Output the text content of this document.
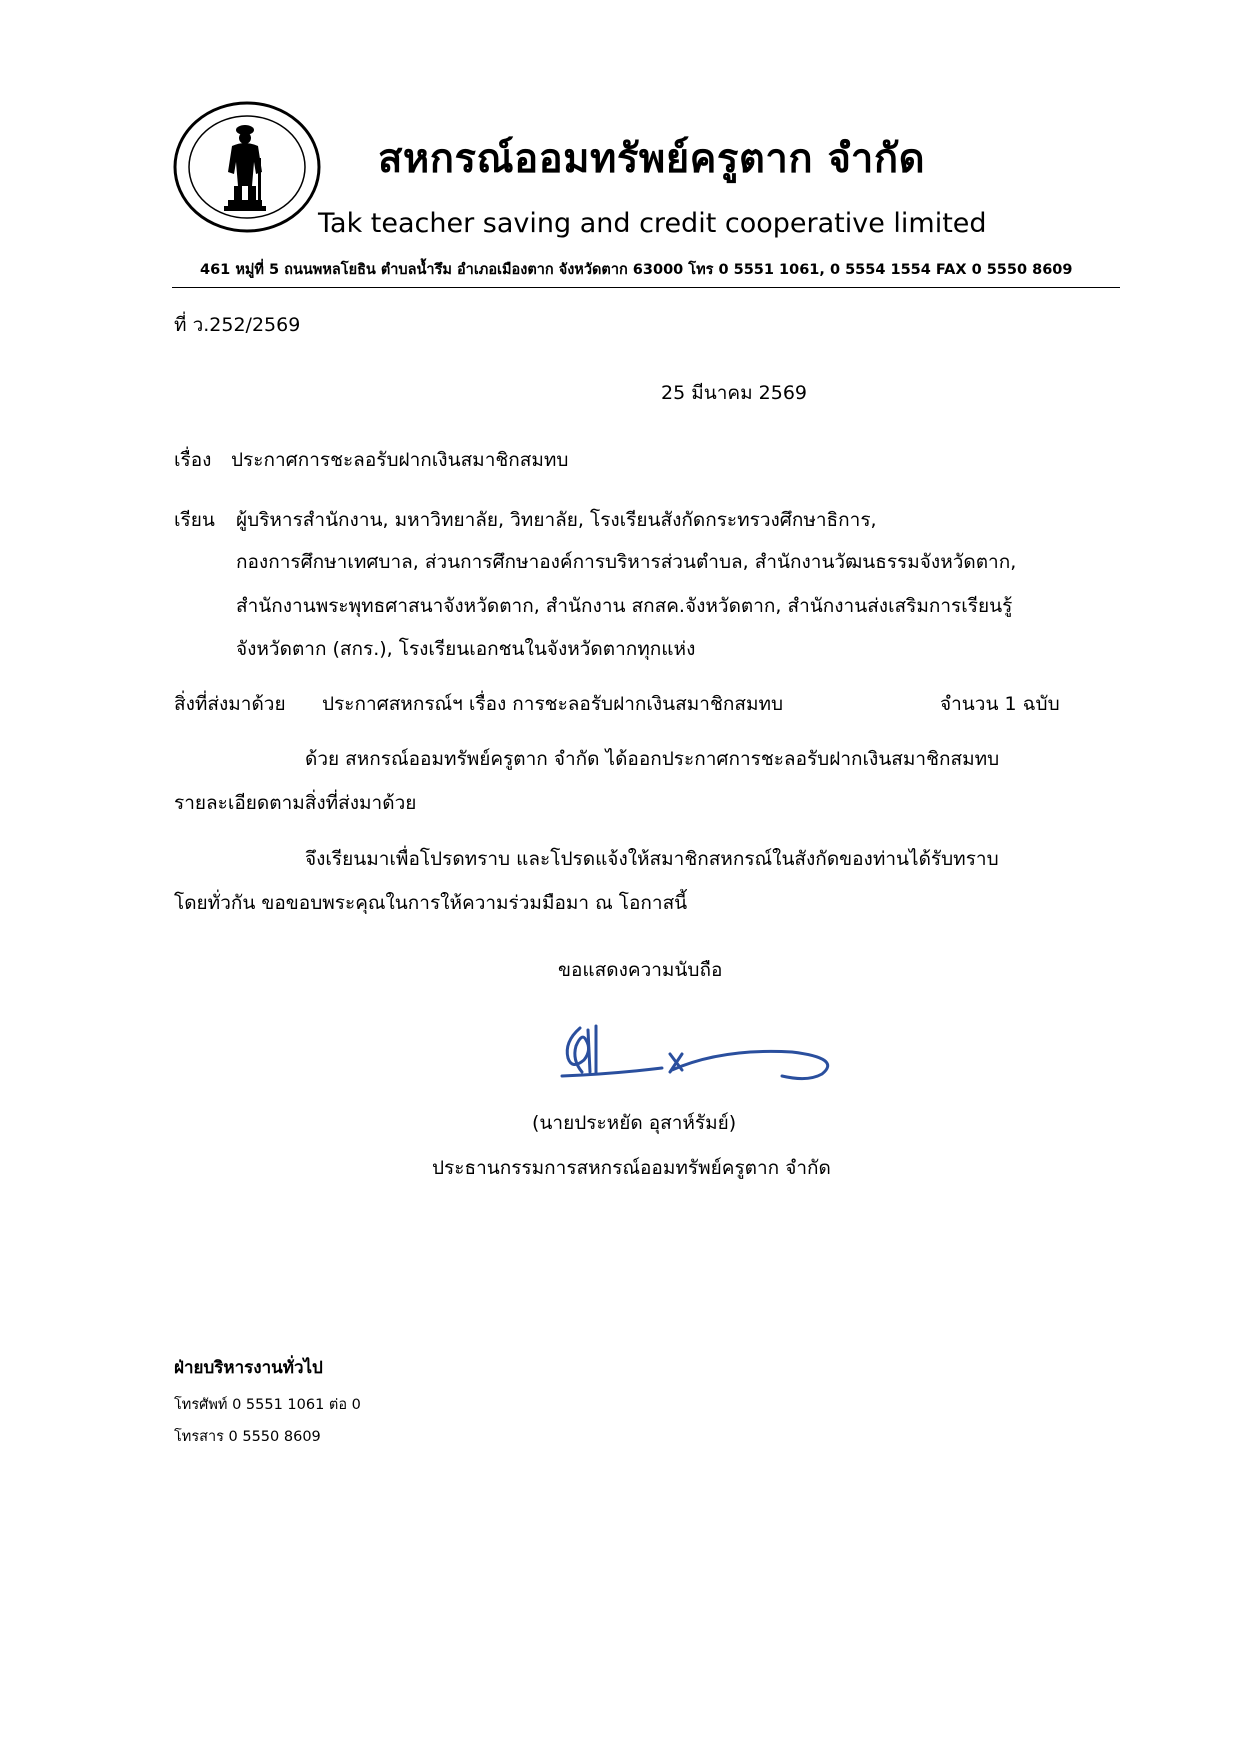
สหกรณ์ออมทรัพย์ครูตาก จำกัด
Tak teacher saving and credit cooperative limited
461 หมู่ที่ 5 ถนนพหลโยธิน ตำบลน้ำรึม อำเภอเมืองตาก จังหวัดตาก 63000 โทร 0 5551 1061, 0 5554 1554 FAX 0 5550 8609
ที่ ว.252/2569
25 มีนาคม 2569
เรื่อง ประกาศการชะลอรับฝากเงินสมาชิกสมทบ
เรียน ผู้บริหารสำนักงาน, มหาวิทยาลัย, วิทยาลัย, โรงเรียนสังกัดกระทรวงศึกษาธิการ,
กองการศึกษาเทศบาล, ส่วนการศึกษาองค์การบริหารส่วนตำบล, สำนักงานวัฒนธรรมจังหวัดตาก,
สำนักงานพระพุทธศาสนาจังหวัดตาก, สำนักงาน สกสค.จังหวัดตาก, สำนักงานส่งเสริมการเรียนรู้
จังหวัดตาก (สกร.), โรงเรียนเอกชนในจังหวัดตากทุกแห่ง
สิ่งที่ส่งมาด้วย ประกาศสหกรณ์ฯ เรื่อง การชะลอรับฝากเงินสมาชิกสมทบ	จำนวน 1 ฉบับ
ด้วย สหกรณ์ออมทรัพย์ครูตาก จำกัด ได้ออกประกาศการชะลอรับฝากเงินสมาชิกสมทบ
รายละเอียดตามสิ่งที่ส่งมาด้วย
จึงเรียนมาเพื่อโปรดทราบ และโปรดแจ้งให้สมาชิกสหกรณ์ในสังกัดของท่านได้รับทราบ
โดยทั่วกัน ขอขอบพระคุณในการให้ความร่วมมือมา ณ โอกาสนี้
ขอแสดงความนับถือ
(นายประหยัด อุสาห์รัมย์)
ประธานกรรมการสหกรณ์ออมทรัพย์ครูตาก จำกัด
ฝ่ายบริหารงานทั่วไป
โทรศัพท์ 0 5551 1061 ต่อ 0
โทรสาร 0 5550 8609
